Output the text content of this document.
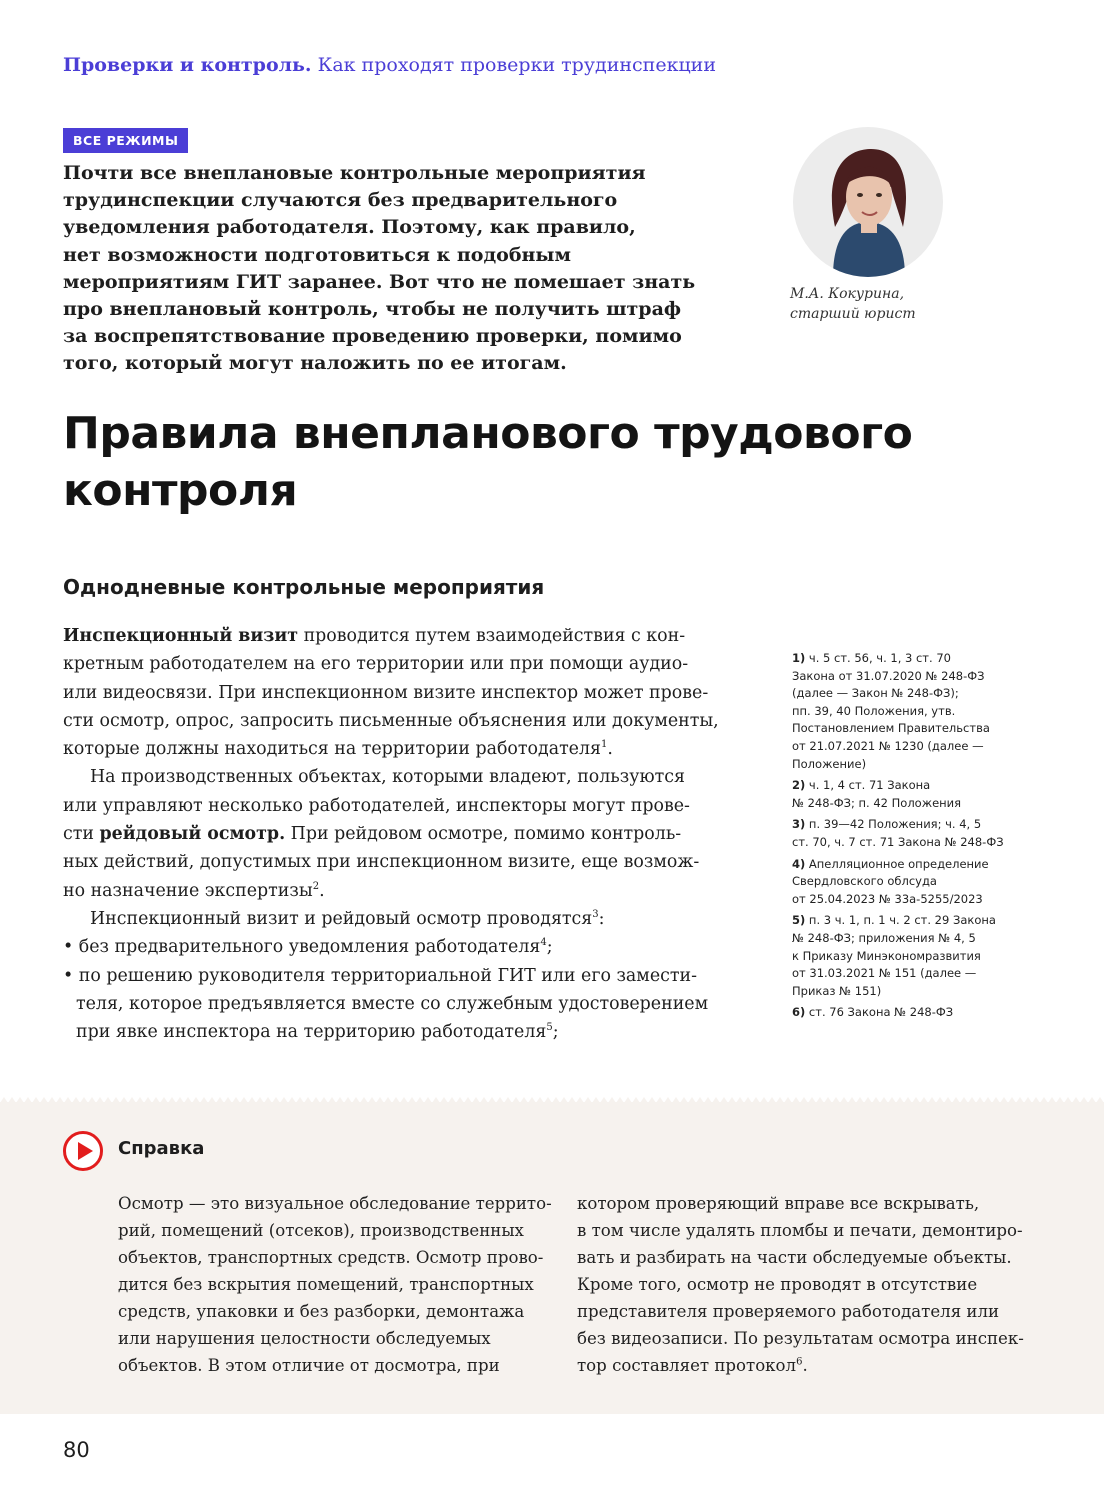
Проверки и контроль. Как проходят проверки трудинспекции
ВСЕ РЕЖИМЫ
Почти все внеплановые контрольные мероприятия
трудинспекции случаются без предварительного
уведомления работодателя. Поэтому, как правило,
нет возможности подготовиться к подобным
мероприятиям ГИТ заранее. Вот что не помешает знать
про внеплановый контроль, чтобы не получить штраф
за воспрепятствование проведению проверки, помимо
того, который могут наложить по ее итогам.
М.А. Кокурина,
старший юрист
Правила внепланового трудового
контроля
Однодневные контрольные мероприятия
Инспекционный визит проводится путем взаимодействия с кон-
кретным работодателем на его территории или при помощи аудио-
или видеосвязи. При инспекционном визите инспектор может прове-
сти осмотр, опрос, запросить письменные объяснения или документы,
которые должны находиться на территории работодателя$^1$.
На производственных объектах, которыми владеют, пользуются
или управляют несколько работодателей, инспекторы могут прове-
сти рейдовый осмотр. При рейдовом осмотре, помимо контроль-
ных действий, допустимых при инспекционном визите, еще возмож-
но назначение экспертизы$^2$.
Инспекционный визит и рейдовый осмотр проводятся$^3$:
• без предварительного уведомления работодателя$^4$;
• по решению руководителя территориальной ГИТ или его замести-
теля, которое предъявляется вместе со служебным удостоверением
при явке инспектора на территорию работодателя$^5$;
1) ч. 5 ст. 56, ч. 1, 3 ст. 70
Закона от 31.07.2020 № 248-ФЗ
(далее — Закон № 248-ФЗ);
пп. 39, 40 Положения, утв.
Постановлением Правительства
от 21.07.2021 № 1230 (далее —
Положение)
2) ч. 1, 4 ст. 71 Закона
№ 248-ФЗ; п. 42 Положения
3) п. 39—42 Положения; ч. 4, 5
ст. 70, ч. 7 ст. 71 Закона № 248-ФЗ
4) Апелляционное определение
Свердловского облсуда
от 25.04.2023 № 33а-5255/2023
5) п. 3 ч. 1, п. 1 ч. 2 ст. 29 Закона
№ 248-ФЗ; приложения № 4, 5
к Приказу Минэкономразвития
от 31.03.2021 № 151 (далее —
Приказ № 151)
6) ст. 76 Закона № 248-ФЗ
Справка
Осмотр — это визуальное обследование террито-
рий, помещений (отсеков), производственных
объектов, транспортных средств. Осмотр прово-
дится без вскрытия помещений, транспортных
средств, упаковки и без разборки, демонтажа
или нарушения целостности обследуемых
объектов. В этом отличие от досмотра, при
котором проверяющий вправе все вскрывать,
в том числе удалять пломбы и печати, демонтиро-
вать и разбирать на части обследуемые объекты.
Кроме того, осмотр не проводят в отсутствие
представителя проверяемого работодателя или
без видеозаписи. По результатам осмотра инспек-
тор составляет протокол$^6$.
80
